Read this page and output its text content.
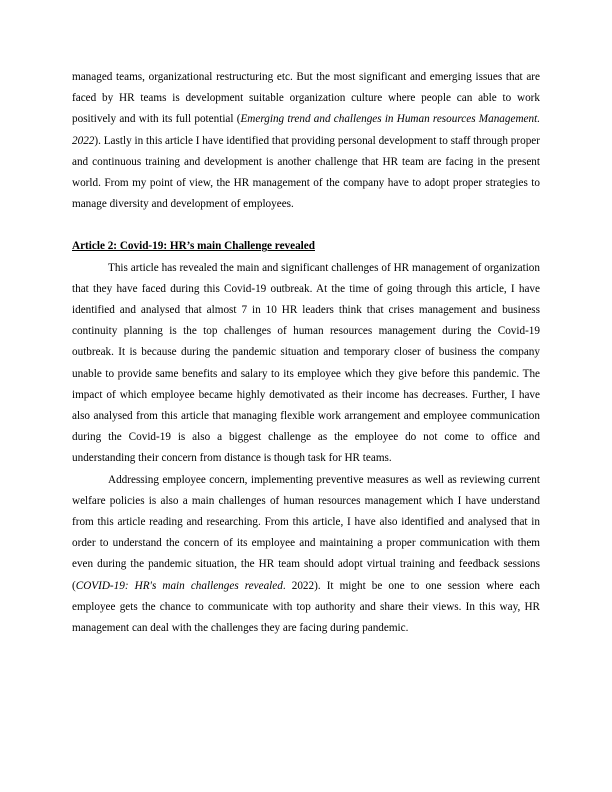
managed teams, organizational restructuring etc. But the most significant and emerging issues that are faced by HR teams is development suitable organization culture where people can able to work positively and with its full potential (Emerging trend and challenges in Human resources Management. 2022). Lastly in this article I have identified that providing personal development to staff through proper and continuous training and development is another challenge that HR team are facing in the present world. From my point of view, the HR management of the company have to adopt proper strategies to manage diversity and development of employees.

Article 2: Covid-19: HR’s main Challenge revealed

This article has revealed the main and significant challenges of HR management of organization that they have faced during this Covid-19 outbreak. At the time of going through this article, I have identified and analysed that almost 7 in 10 HR leaders think that crises management and business continuity planning is the top challenges of human resources management during the Covid-19 outbreak. It is because during the pandemic situation and temporary closer of business the company unable to provide same benefits and salary to its employee which they give before this pandemic. The impact of which employee became highly demotivated as their income has decreases. Further, I have also analysed from this article that managing flexible work arrangement and employee communication during the Covid-19 is also a biggest challenge as the employee do not come to office and understanding their concern from distance is though task for HR teams.

Addressing employee concern, implementing preventive measures as well as reviewing current welfare policies is also a main challenges of human resources management which I have understand from this article reading and researching. From this article, I have also identified and analysed that in order to understand the concern of its employee and maintaining a proper communication with them even during the pandemic situation, the HR team should adopt virtual training and feedback sessions (COVID-19: HR's main challenges revealed. 2022). It might be one to one session where each employee gets the chance to communicate with top authority and share their views. In this way, HR management can deal with the challenges they are facing during pandemic.
